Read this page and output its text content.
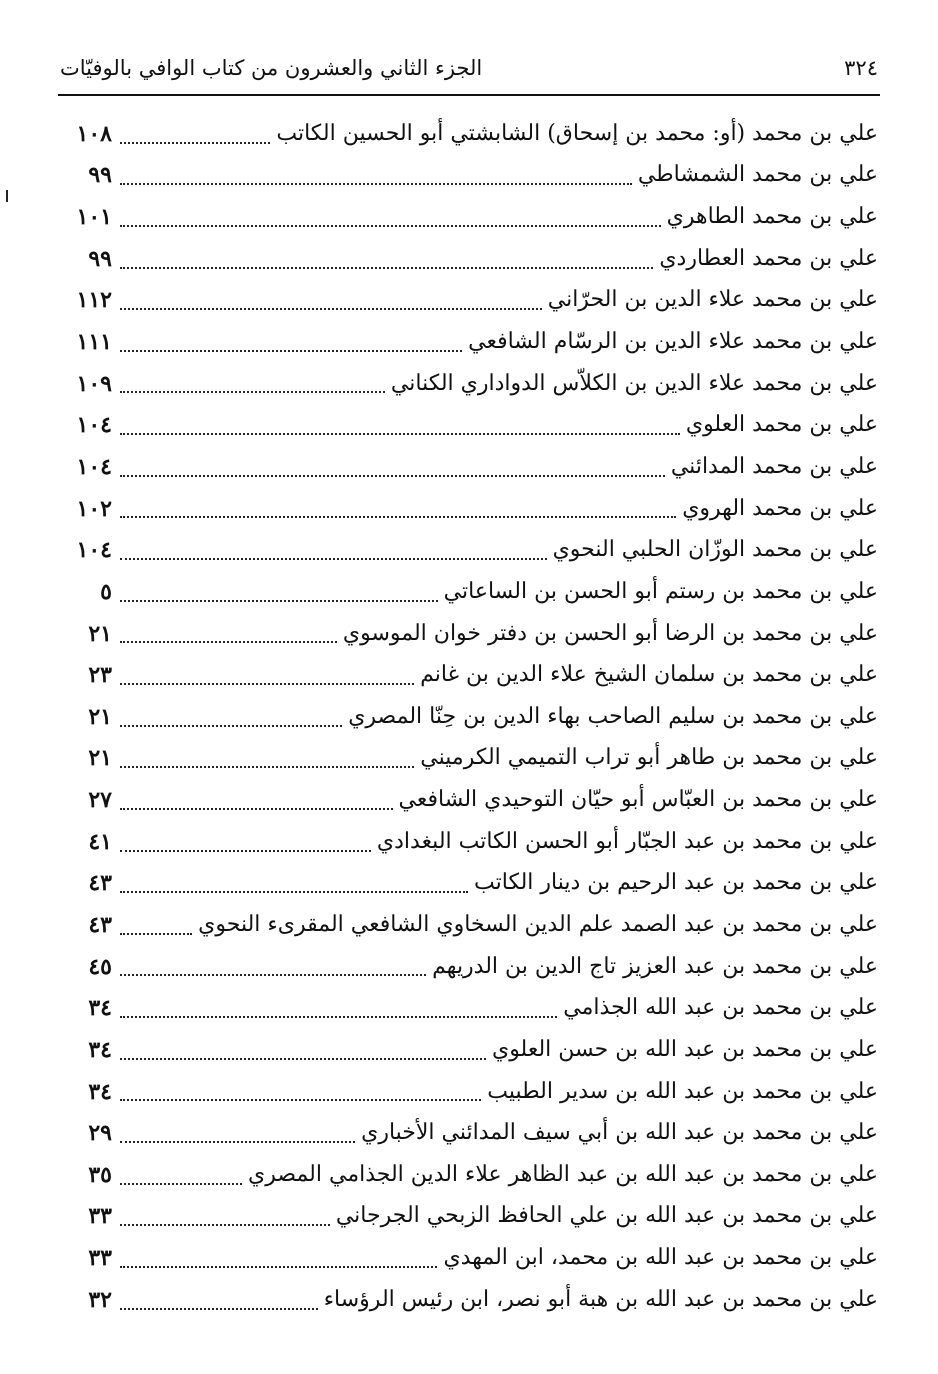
٣٢٤
الجزء الثاني والعشرون من كتاب الوافي بالوفيّات
علي بن محمد (أو: محمد بن إسحاق) الشابشتي أبو الحسين الكاتب
١٠٨
علي بن محمد الشمشاطي
٩٩
علي بن محمد الطاهري
١٠١
علي بن محمد العطاردي
٩٩
علي بن محمد علاء الدين بن الحرّاني
١١٢
علي بن محمد علاء الدين بن الرسّام الشافعي
١١١
علي بن محمد علاء الدين بن الكلاّس الدواداري الكناني
١٠٩
علي بن محمد العلوي
١٠٤
علي بن محمد المدائني
١٠٤
علي بن محمد الهروي
١٠٢
علي بن محمد الوزّان الحلبي النحوي
١٠٤
علي بن محمد بن رستم أبو الحسن بن الساعاتي
٥
علي بن محمد بن الرضا أبو الحسن بن دفتر خوان الموسوي
٢١
علي بن محمد بن سلمان الشيخ علاء الدين بن غانم
٢٣
علي بن محمد بن سليم الصاحب بهاء الدين بن حِنّا المصري
٢١
علي بن محمد بن طاهر أبو تراب التميمي الكرميني
٢١
علي بن محمد بن العبّاس أبو حيّان التوحيدي الشافعي
٢٧
علي بن محمد بن عبد الجبّار أبو الحسن الكاتب البغدادي
٤١
علي بن محمد بن عبد الرحيم بن دينار الكاتب
٤٣
علي بن محمد بن عبد الصمد علم الدين السخاوي الشافعي المقرىء النحوي
٤٣
علي بن محمد بن عبد العزيز تاج الدين بن الدريهم
٤٥
علي بن محمد بن عبد الله الجذامي
٣٤
علي بن محمد بن عبد الله بن حسن العلوي
٣٤
علي بن محمد بن عبد الله بن سدير الطبيب
٣٤
علي بن محمد بن عبد الله بن أبي سيف المدائني الأخباري
٢٩
علي بن محمد بن عبد الله بن عبد الظاهر علاء الدين الجذامي المصري
٣٥
علي بن محمد بن عبد الله بن علي الحافظ الزبحي الجرجاني
٣٣
علي بن محمد بن عبد الله بن محمد، ابن المهدي
٣٣
علي بن محمد بن عبد الله بن هبة أبو نصر، ابن رئيس الرؤساء
٣٢
